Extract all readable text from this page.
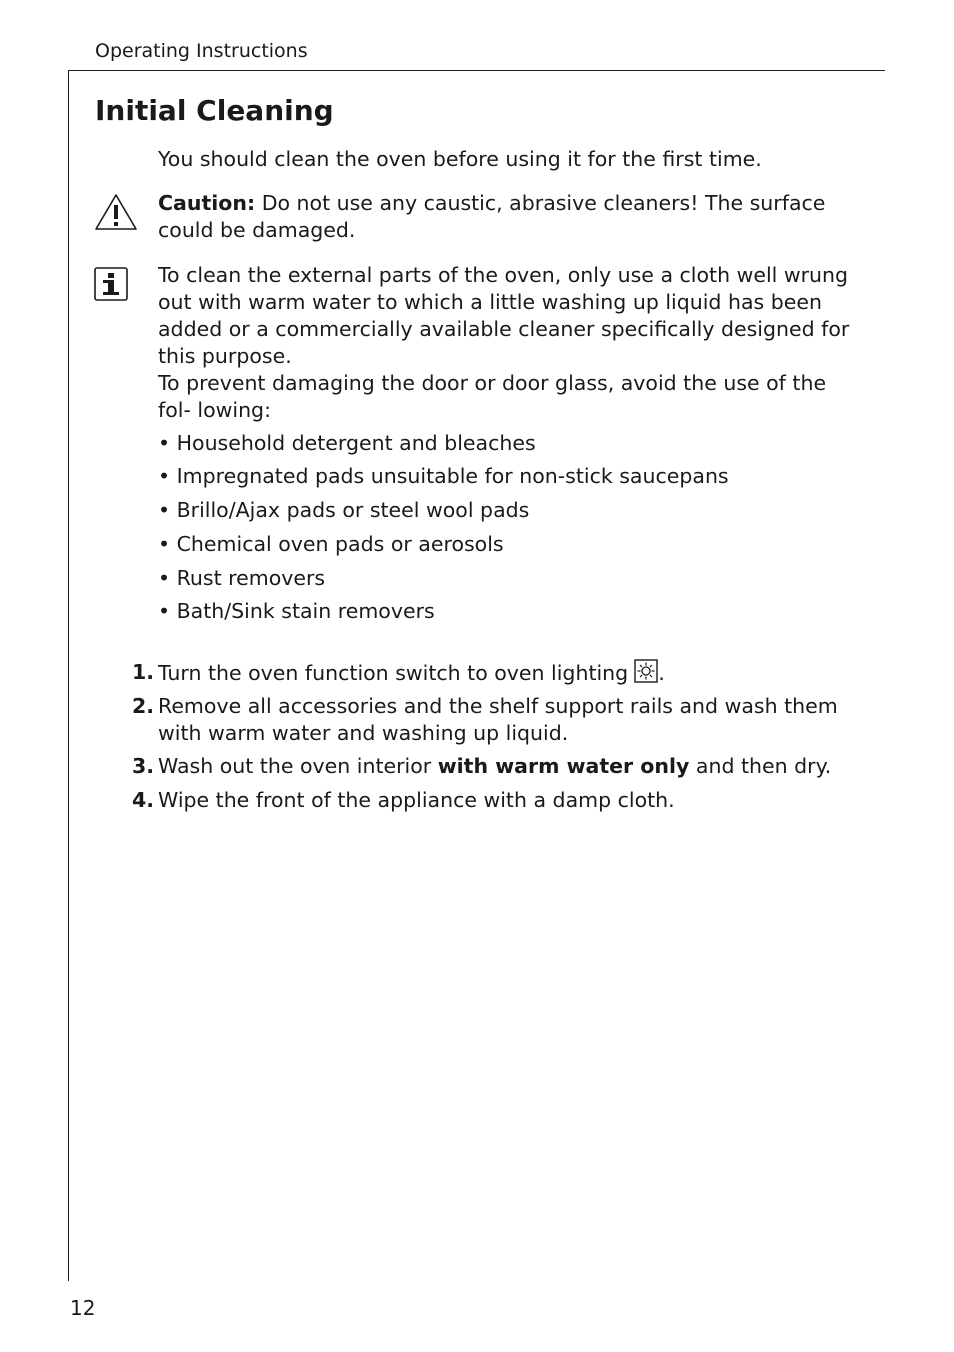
Operating Instructions
Initial Cleaning

You should clean the oven before using it for the first time.

Caution: Do not use any caustic, abrasive cleaners! The surface could be damaged.

To clean the external parts of the oven, only use a cloth well wrung out with warm water to which a little washing up liquid has been added or a commercially available cleaner specifically designed for this purpose.

To prevent damaging the door or door glass, avoid the use of the fol- lowing:

• Household detergent and bleaches
• Impregnated pads unsuitable for non-stick saucepans
• Brillo/Ajax pads or steel wool pads
• Chemical oven pads or aerosols
• Rust removers
• Bath/Sink stain removers
1. Turn the oven function switch to oven lighting .

2. Remove all accessories and the shelf support rails and wash them with warm water and washing up liquid.

3. Wash out the oven interior with warm water only and then dry.

4. Wipe the front of the appliance with a damp cloth.

12
